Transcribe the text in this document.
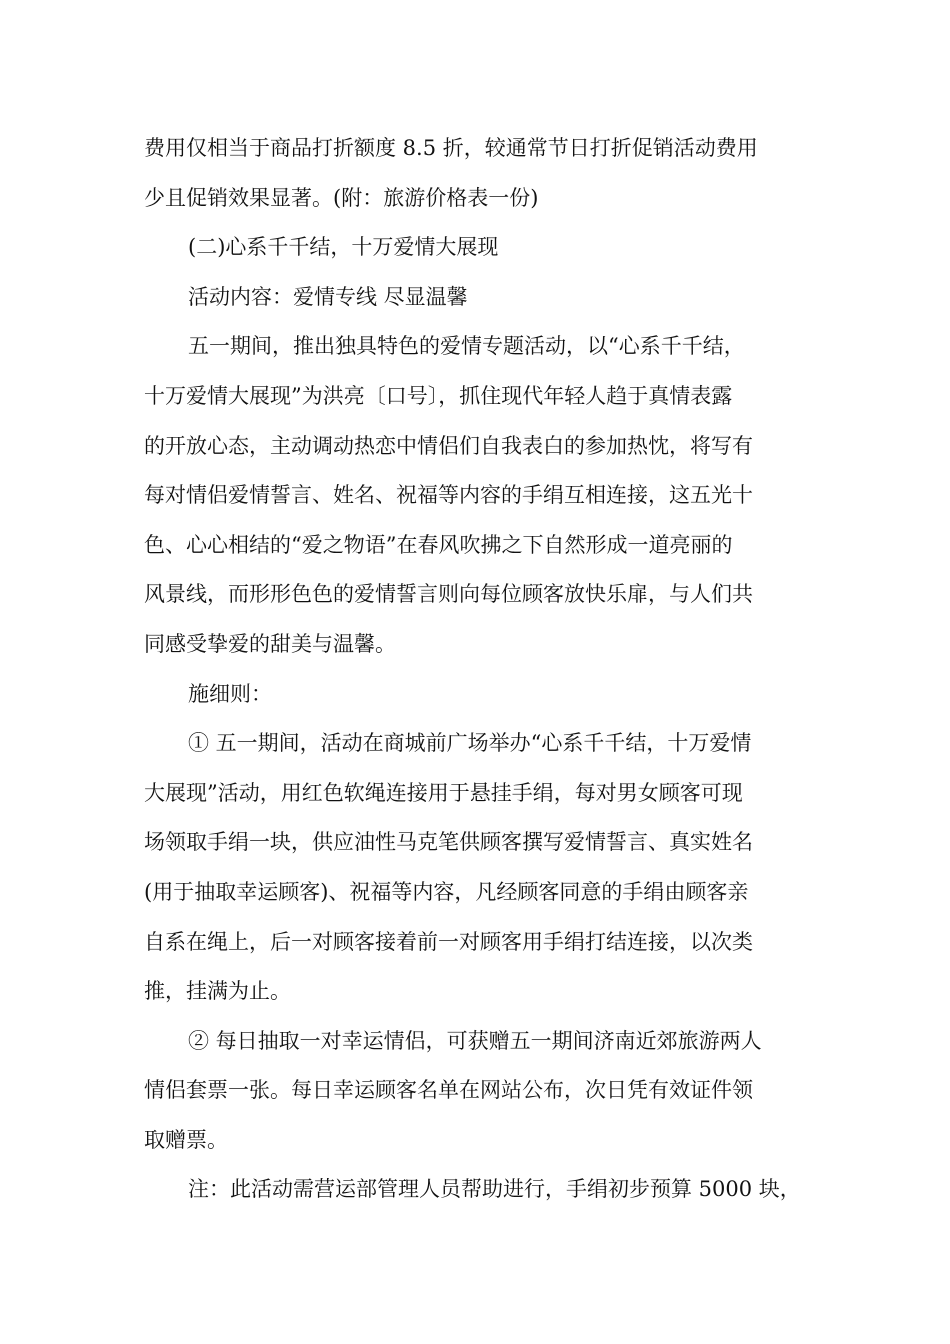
费用仅相当于商品打折额度 8.5 折，较通常节日打折促销活动费用
少且促销效果显著。(附：旅游价格表一份)
(二)心系千千结，十万爱情大展现
活动内容：爱情专线 尽显温馨
五一期间，推出独具特色的爱情专题活动，以“心系千千结，
十万爱情大展现”为洪亮〔口号〕，抓住现代年轻人趋于真情表露
的开放心态，主动调动热恋中情侣们自我表白的参加热忱，将写有
每对情侣爱情誓言、姓名、祝福等内容的手绢互相连接，这五光十
色、心心相结的“爱之物语”在春风吹拂之下自然形成一道亮丽的
风景线，而形形色色的爱情誓言则向每位顾客放快乐扉，与人们共
同感受挚爱的甜美与温馨。
施细则：
① 五一期间，活动在商城前广场举办“心系千千结，十万爱情
大展现”活动，用红色软绳连接用于悬挂手绢，每对男女顾客可现
场领取手绢一块，供应油性马克笔供顾客撰写爱情誓言、真实姓名
(用于抽取幸运顾客)、祝福等内容，凡经顾客同意的手绢由顾客亲
自系在绳上，后一对顾客接着前一对顾客用手绢打结连接，以次类
推，挂满为止。
② 每日抽取一对幸运情侣，可获赠五一期间济南近郊旅游两人
情侣套票一张。每日幸运顾客名单在网站公布，次日凭有效证件领
取赠票。
注：此活动需营运部管理人员帮助进行，手绢初步预算 5000 块，
